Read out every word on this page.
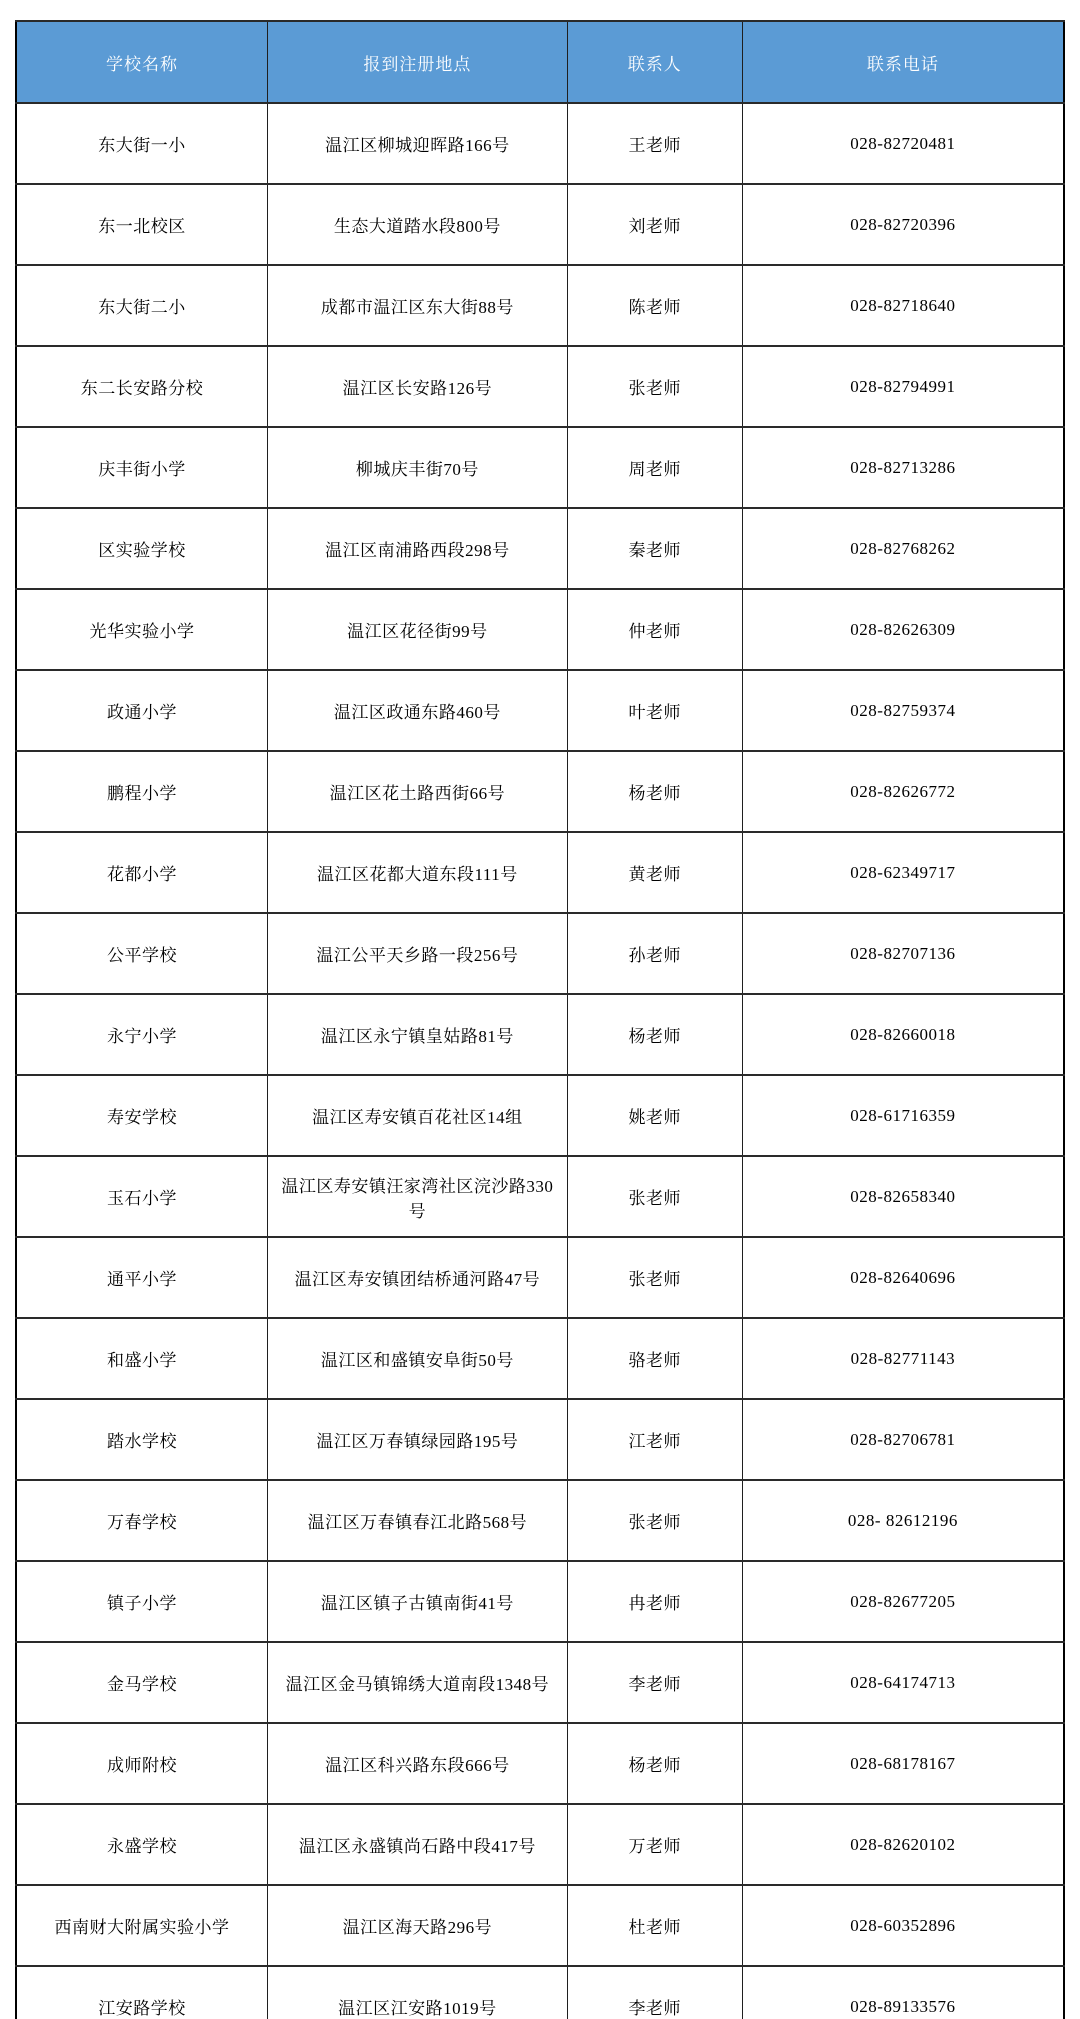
学校名称	报到注册地点	联系人	联系电话
东大街一小	温江区柳城迎晖路166号	王老师	028-82720481
东一北校区	生态大道踏水段800号	刘老师	028-82720396
东大街二小	成都市温江区东大街88号	陈老师	028-82718640
东二长安路分校	温江区长安路126号	张老师	028-82794991
庆丰街小学	柳城庆丰街70号	周老师	028-82713286
区实验学校	温江区南浦路西段298号	秦老师	028-82768262
光华实验小学	温江区花径街99号	仲老师	028-82626309
政通小学	温江区政通东路460号	叶老师	028-82759374
鹏程小学	温江区花土路西街66号	杨老师	028-82626772
花都小学	温江区花都大道东段111号	黄老师	028-62349717
公平学校	温江公平天乡路一段256号	孙老师	028-82707136
永宁小学	温江区永宁镇皇姑路81号	杨老师	028-82660018
寿安学校	温江区寿安镇百花社区14组	姚老师	028-61716359
玉石小学	温江区寿安镇汪家湾社区浣沙路330号	张老师	028-82658340
通平小学	温江区寿安镇团结桥通河路47号	张老师	028-82640696
和盛小学	温江区和盛镇安阜街50号	骆老师	028-82771143
踏水学校	温江区万春镇绿园路195号	江老师	028-82706781
万春学校	温江区万春镇春江北路568号	张老师	028- 82612196
镇子小学	温江区镇子古镇南街41号	冉老师	028-82677205
金马学校	温江区金马镇锦绣大道南段1348号	李老师	028-64174713
成师附校	温江区科兴路东段666号	杨老师	028-68178167
永盛学校	温江区永盛镇尚石路中段417号	万老师	028-82620102
西南财大附属实验小学	温江区海天路296号	杜老师	028-60352896
江安路学校	温江区江安路1019号	李老师	028-89133576
